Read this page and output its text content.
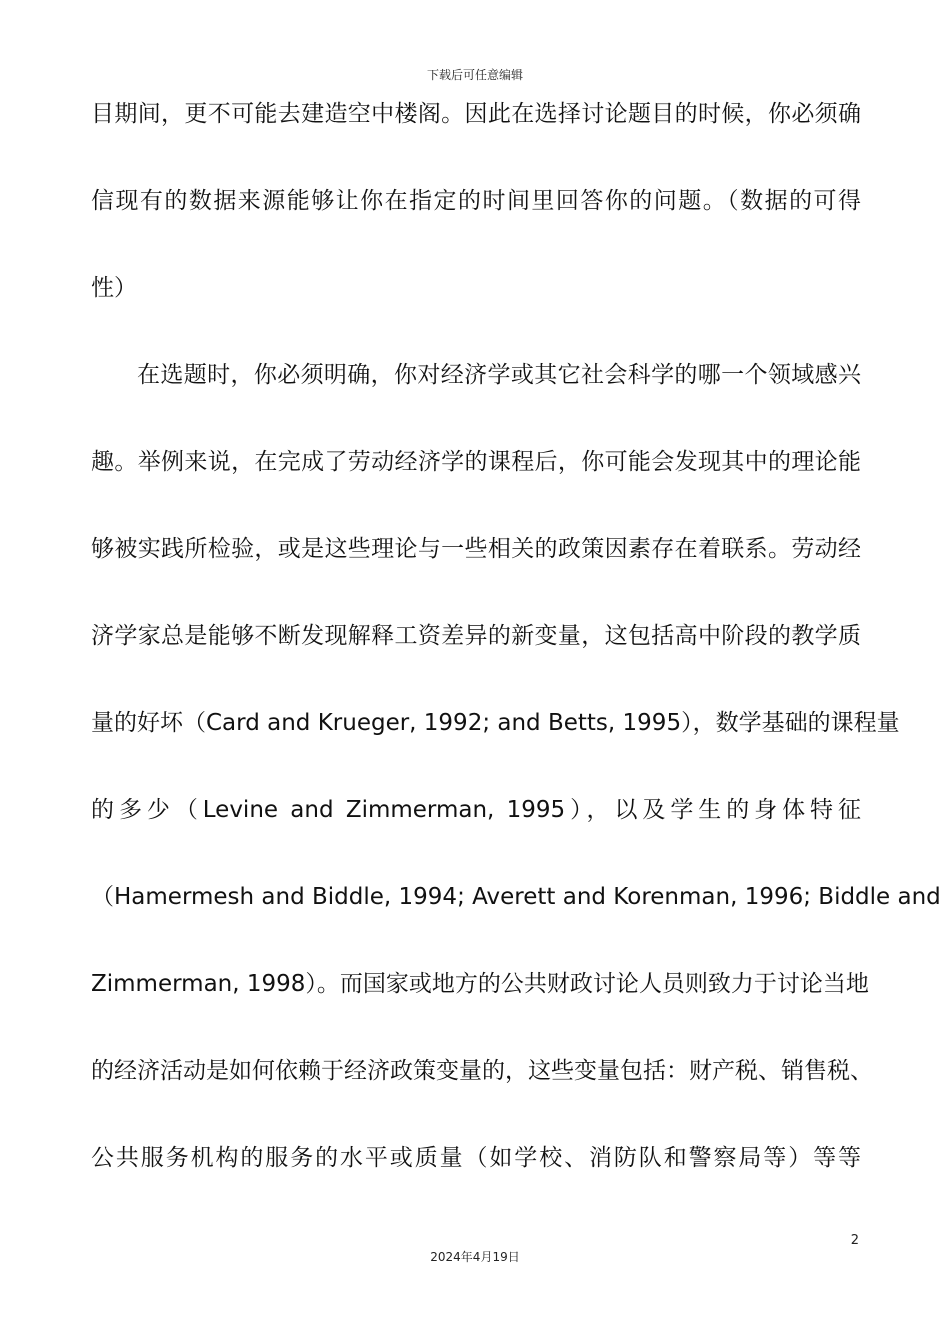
下载后可任意编辑
目期间，更不可能去建造空中楼阁。因此在选择讨论题目的时候，你必须确
信现有的数据来源能够让你在指定的时间里回答你的问题。（数据的可得
性）
在选题时，你必须明确，你对经济学或其它社会科学的哪一个领域感兴
趣。举例来说，在完成了劳动经济学的课程后，你可能会发现其中的理论能
够被实践所检验，或是这些理论与一些相关的政策因素存在着联系。劳动经
济学家总是能够不断发现解释工资差异的新变量，这包括高中阶段的教学质
量的好坏（Card and Krueger, 1992; and Betts, 1995），数学基础的课程量
的多少（Levine and Zimmerman, 1995），以及学生的身体特征
（Hamermesh and Biddle, 1994; Averett and Korenman, 1996; Biddle and
Zimmerman, 1998）。而国家或地方的公共财政讨论人员则致力于讨论当地
的经济活动是如何依赖于经济政策变量的，这些变量包括：财产税、销售税、
公共服务机构的服务的水平或质量（如学校、消防队和警察局等）等等
2
2024年4月19日
